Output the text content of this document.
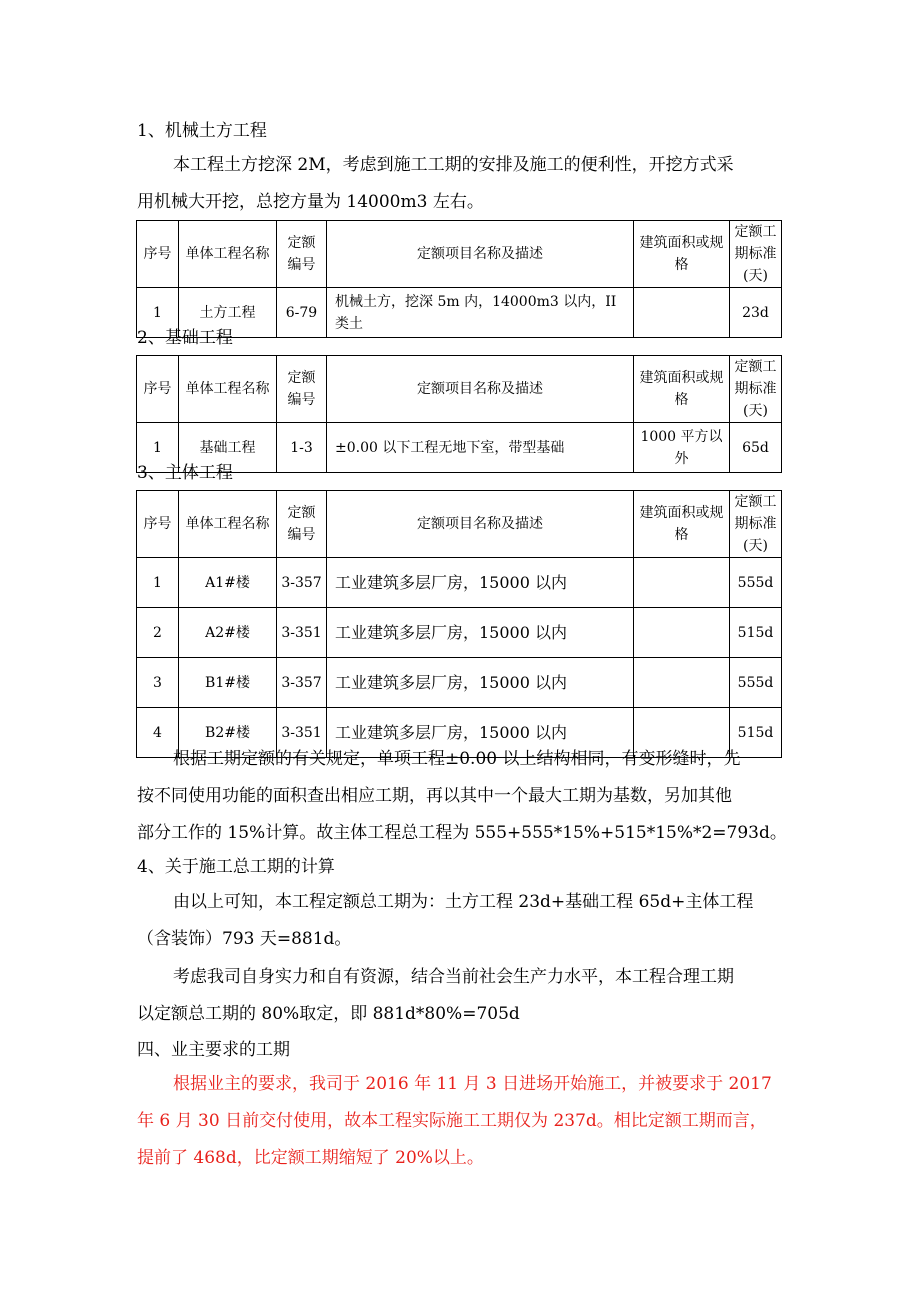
1、机械土方工程
本工程土方挖深 2M，考虑到施工工期的安排及施工的便利性，开挖方式采
用机械大开挖，总挖方量为 14000m3 左右。
序号	单体工程名称	定额编号	定额项目名称及描述	建筑面积或规格	定额工期标准(天)
1	土方工程	6-79	机械土方，挖深 5m 内，14000m3 以内，II 类土		23d
2、基础工程
序号	单体工程名称	定额编号	定额项目名称及描述	建筑面积或规格	定额工期标准(天)
1	基础工程	1-3	±0.00 以下工程无地下室，带型基础	1000 平方以外	65d
3、主体工程
序号	单体工程名称	定额编号	定额项目名称及描述	建筑面积或规格	定额工期标准(天)
1	A1#楼	3-357	工业建筑多层厂房，15000 以内		555d
2	A2#楼	3-351	工业建筑多层厂房，15000 以内		515d
3	B1#楼	3-357	工业建筑多层厂房，15000 以内		555d
4	B2#楼	3-351	工业建筑多层厂房，15000 以内		515d
根据工期定额的有关规定，单项工程±0.00 以上结构相同，有变形缝时，先
按不同使用功能的面积查出相应工期，再以其中一个最大工期为基数，另加其他
部分工作的 15%计算。故主体工程总工程为 555+555*15%+515*15%*2=793d。
4、关于施工总工期的计算
由以上可知，本工程定额总工期为：土方工程 23d+基础工程 65d+主体工程
（含装饰）793 天=881d。
考虑我司自身实力和自有资源，结合当前社会生产力水平，本工程合理工期
以定额总工期的 80%取定，即 881d*80%=705d
四、业主要求的工期
根据业主的要求，我司于 2016 年 11 月 3 日进场开始施工，并被要求于 2017
年 6 月 30 日前交付使用，故本工程实际施工工期仅为 237d。相比定额工期而言，
提前了 468d，比定额工期缩短了 20%以上。
